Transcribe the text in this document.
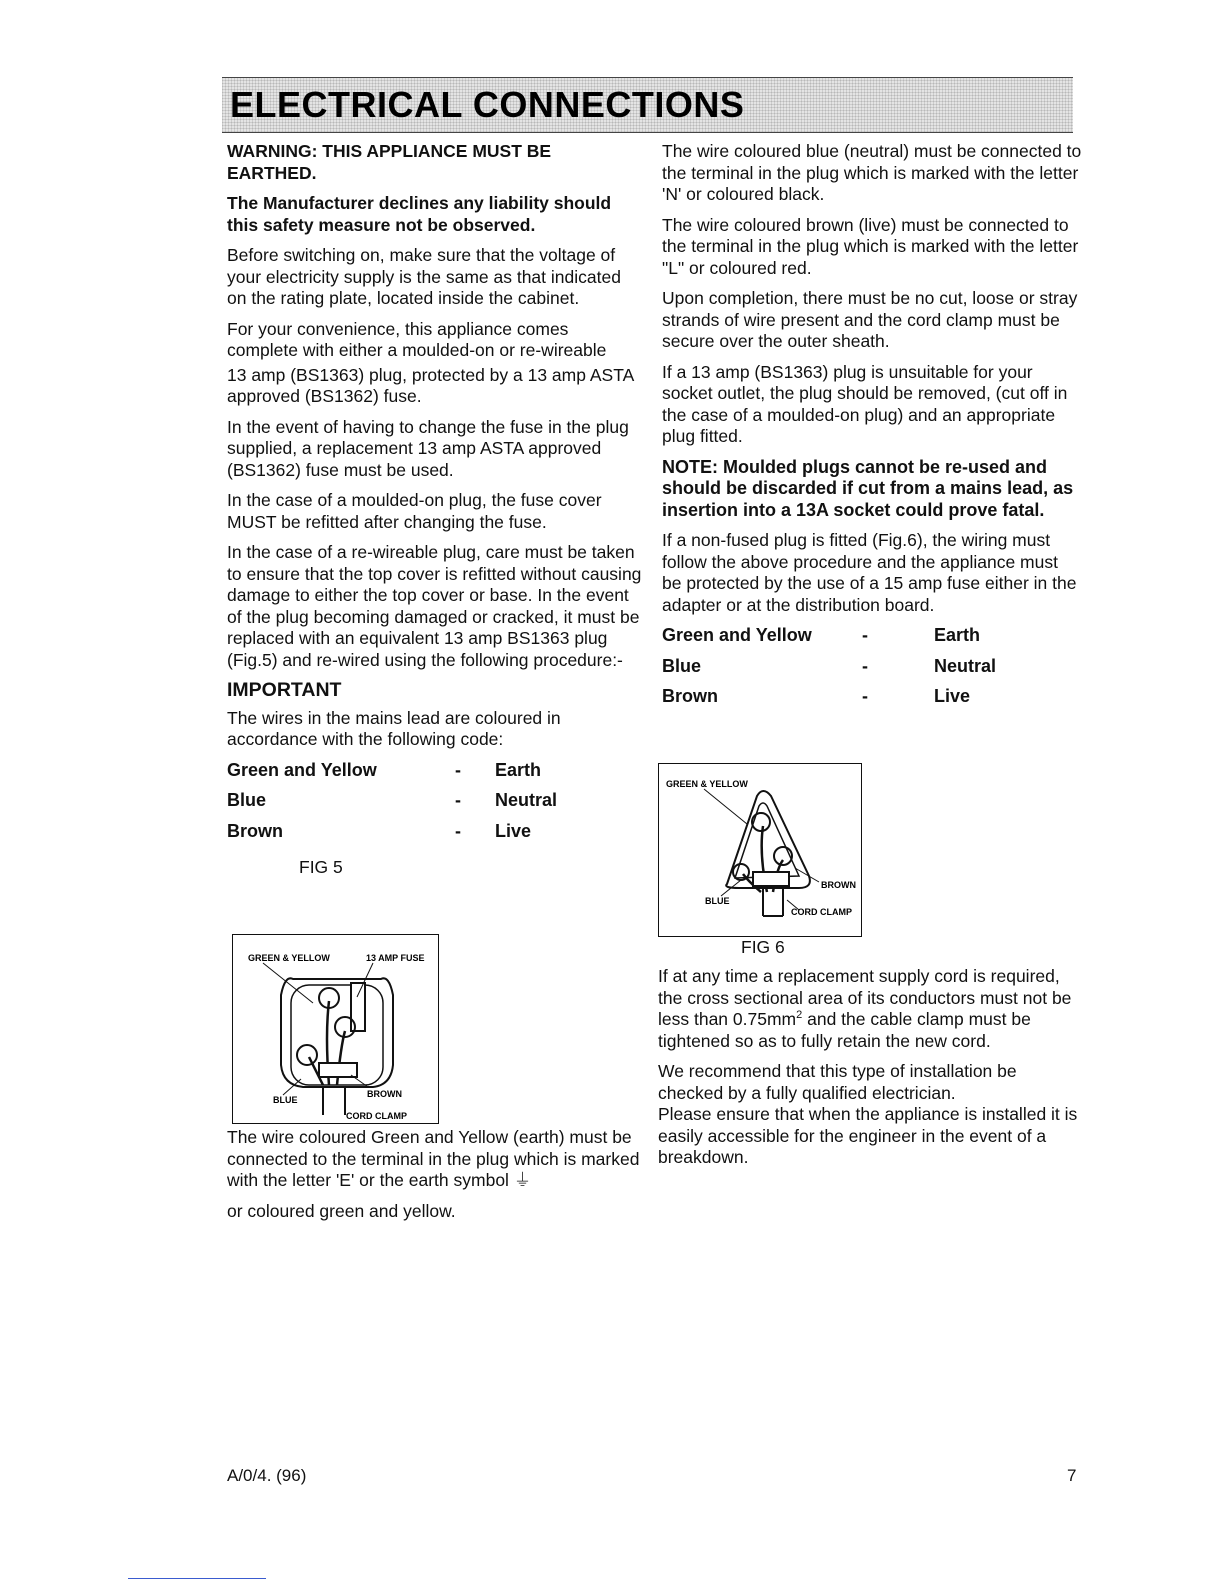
ELECTRICAL CONNECTIONS

WARNING: THIS APPLIANCE MUST BE EARTHED.

The Manufacturer declines any liability should this safety measure not be observed.

Before switching on, make sure that the voltage of your electricity supply is the same as that indicated on the rating plate, located inside the cabinet.

For your convenience, this appliance comes complete with either a moulded-on or re-wireable

13 amp (BS1363) plug, protected by a 13 amp ASTA approved (BS1362) fuse.

In the event of having to change the fuse in the plug supplied, a replacement 13 amp ASTA approved (BS1362) fuse must be used.

In the case of a moulded-on plug, the fuse cover MUST be refitted after changing the fuse.

In the case of a re-wireable plug, care must be taken to ensure that the top cover is refitted without causing damage to either the top cover or base. In the event of the plug becoming damaged or cracked, it must be replaced with an equivalent 13 amp BS1363 plug (Fig.5) and re-wired using the following procedure:-

IMPORTANT

The wires in the mains lead are coloured in accordance with the following code:

Green and Yellow	-	Earth
Blue	-	Neutral
Brown	-	Live
FIG 5
GREEN & YELLOW	13 AMP FUSE
BLUE
BROWN
CORD CLAMP

The wire coloured Green and Yellow (earth) must be connected to the terminal in the plug which is marked with the letter 'E' or the earth symbol ⏚

or coloured green and yellow.

The wire coloured blue (neutral) must be connected to the terminal in the plug which is marked with the letter 'N' or coloured black.

The wire coloured brown (live) must be connected to the terminal in the plug which is marked with the letter "L" or coloured red.

Upon completion, there must be no cut, loose or stray strands of wire present and the cord clamp must be secure over the outer sheath.

If a 13 amp (BS1363) plug is unsuitable for your socket outlet, the plug should be removed, (cut off in the case of a moulded-on plug) and an appropriate plug fitted.

NOTE: Moulded plugs cannot be re-used and should be discarded if cut from a mains lead, as insertion into a 13A socket could prove fatal.

If a non-fused plug is fitted (Fig.6), the wiring must follow the above procedure and the appliance must be protected by the use of a 15 amp fuse either in the adapter or at the distribution board.

Green and Yellow	-	Earth
Blue	-	Neutral
Brown	-	Live
GREEN & YELLOW
BLUE
BROWN
CORD CLAMP
FIG 6

If at any time a replacement supply cord is required, the cross sectional area of its conductors must not be less than $0.75mm^2$ and the cable clamp must be tightened so as to fully retain the new cord.

We recommend that this type of installation be checked by a fully qualified electrician.

Please ensure that when the appliance is installed it is easily accessible for the engineer in the event of a breakdown.

A/0/4. (96)	7
